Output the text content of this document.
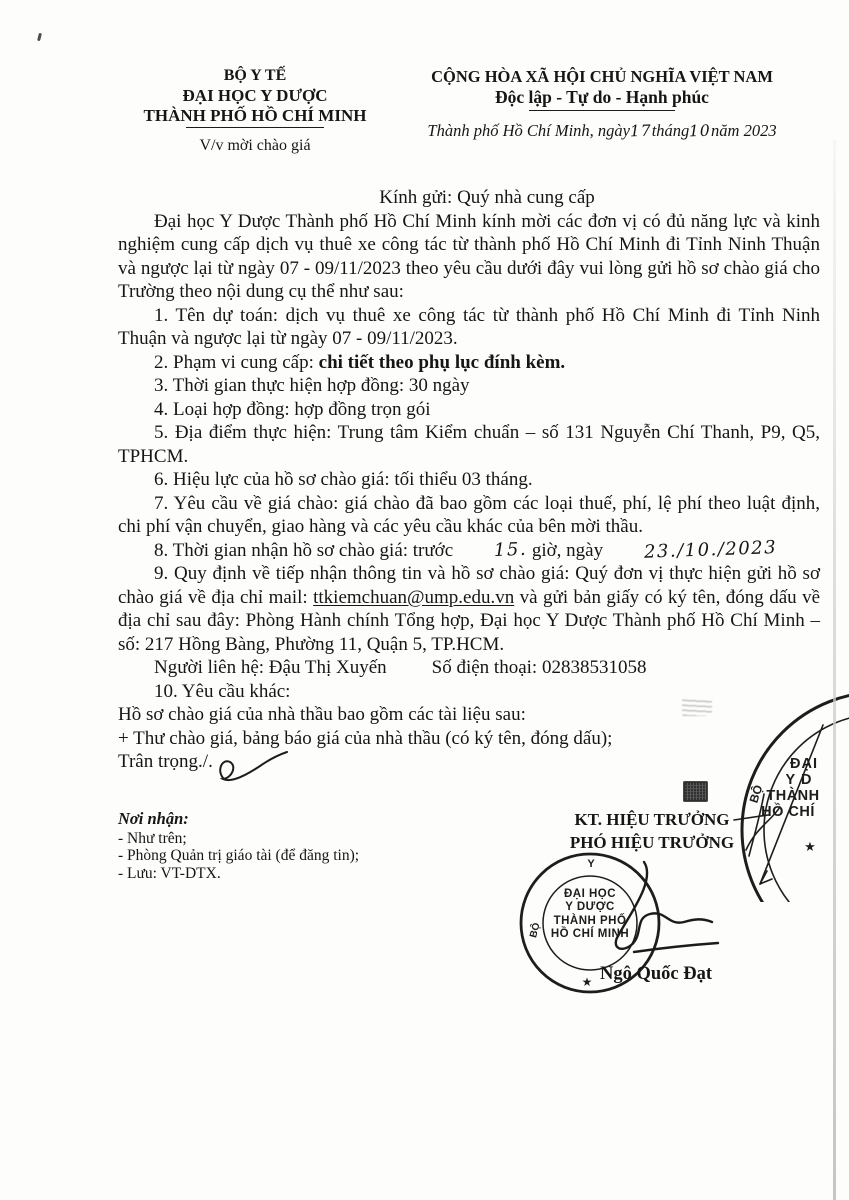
BỘ Y TẾ
ĐẠI HỌC Y DƯỢC
THÀNH PHỐ HỒ CHÍ MINH
V/v mời chào giá
CỘNG HÒA XÃ HỘI CHỦ NGHĨA VIỆT NAM
Độc lập - Tự do - Hạnh phúc
Thành phố Hồ Chí Minh, ngày17tháng10năm 2023

Kính gửi: Quý nhà cung cấp

Đại học Y Dược Thành phố Hồ Chí Minh kính mời các đơn vị có đủ năng lực và kinh nghiệm cung cấp dịch vụ thuê xe công tác từ thành phố Hồ Chí Minh đi Tỉnh Ninh Thuận và ngược lại từ ngày 07 - 09/11/2023 theo yêu cầu dưới đây vui lòng gửi hồ sơ chào giá cho Trường theo nội dung cụ thể như sau:

1. Tên dự toán: dịch vụ thuê xe công tác từ thành phố Hồ Chí Minh đi Tỉnh Ninh Thuận và ngược lại từ ngày 07 - 09/11/2023.

2. Phạm vi cung cấp: chi tiết theo phụ lục đính kèm.

3. Thời gian thực hiện hợp đồng: 30 ngày

4. Loại hợp đồng: hợp đồng trọn gói

5. Địa điểm thực hiện: Trung tâm Kiểm chuẩn – số 131 Nguyễn Chí Thanh, P9, Q5, TPHCM.

6. Hiệu lực của hồ sơ chào giá: tối thiểu 03 tháng.

7. Yêu cầu về giá chào: giá chào đã bao gồm các loại thuế, phí, lệ phí theo luật định, chi phí vận chuyển, giao hàng và các yêu cầu khác của bên mời thầu.

8. Thời gian nhận hồ sơ chào giá: trước 15. giờ, ngày 23./10./2023

9. Quy định về tiếp nhận thông tin và hồ sơ chào giá: Quý đơn vị thực hiện gửi hồ sơ chào giá về địa chỉ mail: ttkiemchuan@ump.edu.vn và gửi bản giấy có ký tên, đóng dấu về địa chỉ sau đây: Phòng Hành chính Tổng hợp, Đại học Y Dược Thành phố Hồ Chí Minh – số: 217 Hồng Bàng, Phường 11, Quận 5, TP.HCM.

Người liên hệ: Đậu Thị Xuyến Số điện thoại: 02838531058

10. Yêu cầu khác:

Hồ sơ chào giá của nhà thầu bao gồm các tài liệu sau:

+ Thư chào giá, bảng báo giá của nhà thầu (có ký tên, đóng dấu);

Trân trọng./.

Nơi nhận:
- Như trên;
- Phòng Quản trị giáo tài (để đăng tin);
- Lưu: VT-DTX.
KT. HIỆU TRƯỞNG
PHÓ HIỆU TRƯỞNG
ĐẠI
Y D
THÀNH
HỒ CHÍ
BỘ
★
Y
BỘ
ĐẠI HỌC
Y DƯỢC
THÀNH PHỐ
HỒ CHÍ MINH
★ Ngô Quốc Đạt
